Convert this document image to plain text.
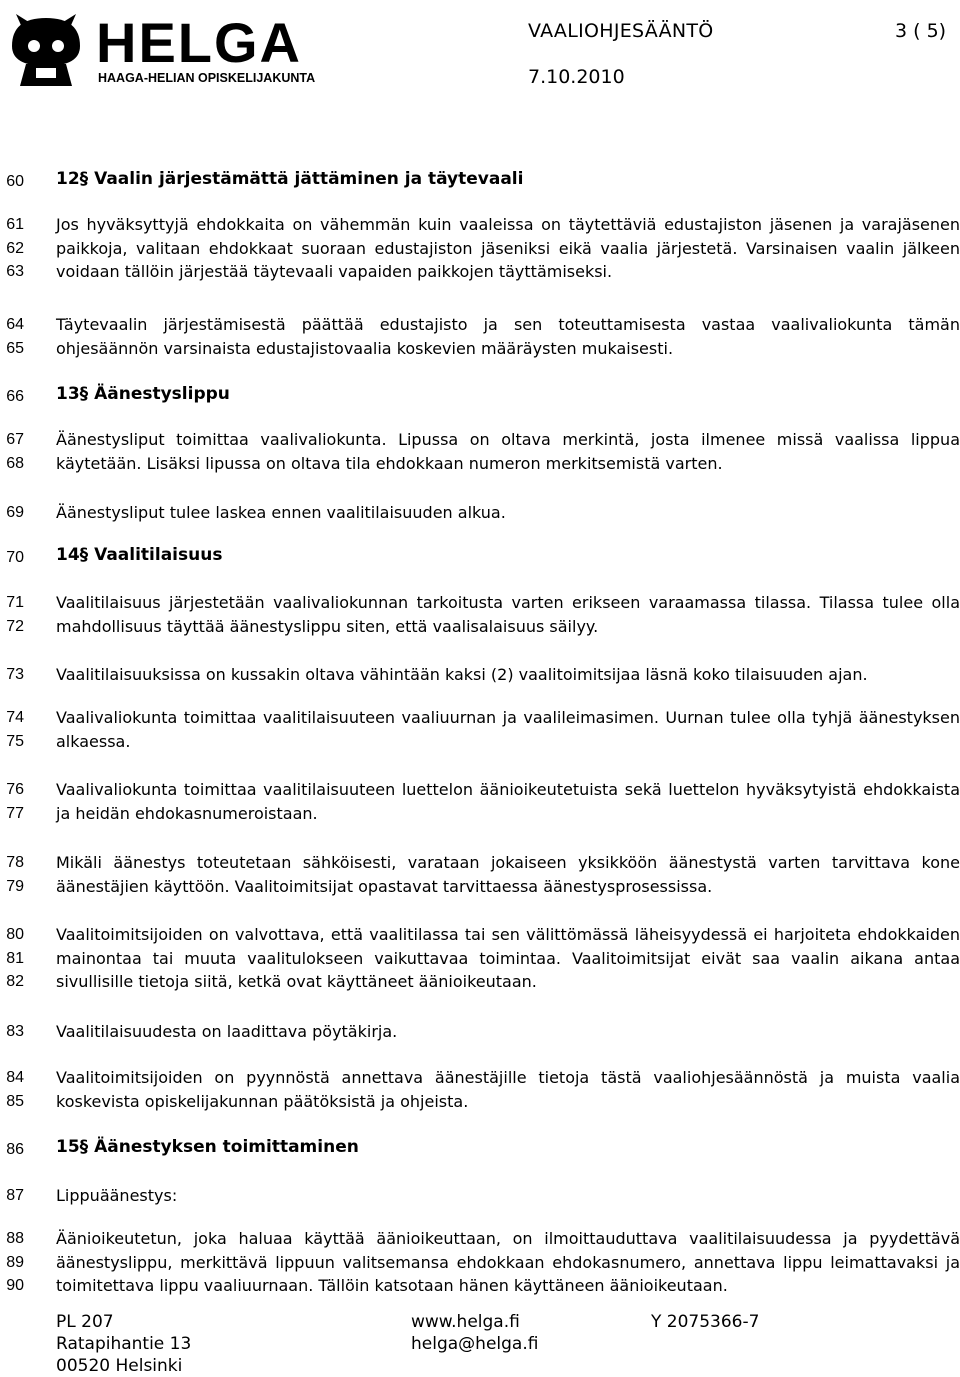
HELGA
HAAGA-HELIAN OPISKELIJAKUNTA
VAALIOHJESÄÄNTÖ	3 ( 5)
7.10.2010
60 12§ Vaalin järjestämättä jättäminen ja täytevaali
61
62
63
Jos hyväksyttyjä ehdokkaita on vähemmän kuin vaaleissa on täytettäviä edustajiston jäsenen ja varajäsenen paikkoja, valitaan ehdokkaat suoraan edustajiston jäseniksi eikä vaalia järjestetä. Varsinaisen vaalin jälkeen voidaan tällöin järjestää täytevaali vapaiden paikkojen täyttämiseksi.
64
65
Täytevaalin järjestämisestä päättää edustajisto ja sen toteuttamisesta vastaa vaalivaliokunta tämän ohjesäännön varsinaista edustajistovaalia koskevien määräysten mukaisesti.
66 13§ Äänestyslippu
67
68
Äänestysliput toimittaa vaalivaliokunta. Lipussa on oltava merkintä, josta ilmenee missä vaalissa lippua käytetään. Lisäksi lipussa on oltava tila ehdokkaan numeron merkitsemistä varten.
69 Äänestysliput tulee laskea ennen vaalitilaisuuden alkua.
70 14§ Vaalitilaisuus
71
72
Vaalitilaisuus järjestetään vaalivaliokunnan tarkoitusta varten erikseen varaamassa tilassa. Tilassa tulee olla mahdollisuus täyttää äänestyslippu siten, että vaalisalaisuus säilyy.
73 Vaalitilaisuuksissa on kussakin oltava vähintään kaksi (2) vaalitoimitsijaa läsnä koko tilaisuuden ajan.
74
75
Vaalivaliokunta toimittaa vaalitilaisuuteen vaaliuurnan ja vaalileimasimen. Uurnan tulee olla tyhjä äänestyksen alkaessa.
76
77
Vaalivaliokunta toimittaa vaalitilaisuuteen luettelon äänioikeutetuista sekä luettelon hyväksytyistä ehdokkaista ja heidän ehdokasnumeroistaan.
78
79
Mikäli äänestys toteutetaan sähköisesti, varataan jokaiseen yksikköön äänestystä varten tarvittava kone äänestäjien käyttöön. Vaalitoimitsijat opastavat tarvittaessa äänestysprosessissa.
80
81
82
Vaalitoimitsijoiden on valvottava, että vaalitilassa tai sen välittömässä läheisyydessä ei harjoiteta ehdokkaiden mainontaa tai muuta vaalitulokseen vaikuttavaa toimintaa. Vaalitoimitsijat eivät saa vaalin aikana antaa sivullisille tietoja siitä, ketkä ovat käyttäneet äänioikeutaan.
83 Vaalitilaisuudesta on laadittava pöytäkirja.
84
85
Vaalitoimitsijoiden on pyynnöstä annettava äänestäjille tietoja tästä vaaliohjesäännöstä ja muista vaalia koskevista opiskelijakunnan päätöksistä ja ohjeista.
86 15§ Äänestyksen toimittaminen
87 Lippuäänestys:
88
89
90
Äänioikeutetun, joka haluaa käyttää äänioikeuttaan, on ilmoittauduttava vaalitilaisuudessa ja pyydettävä äänestyslippu, merkittävä lippuun valitsemansa ehdokkaan ehdokasnumero, annettava lippu leimattavaksi ja toimitettava lippu vaaliuurnaan. Tällöin katsotaan hänen käyttäneen äänioikeutaan.
PL 207
Ratapihantie 13
00520 Helsinki
www.helga.fi
helga@helga.fi
Y 2075366-7
